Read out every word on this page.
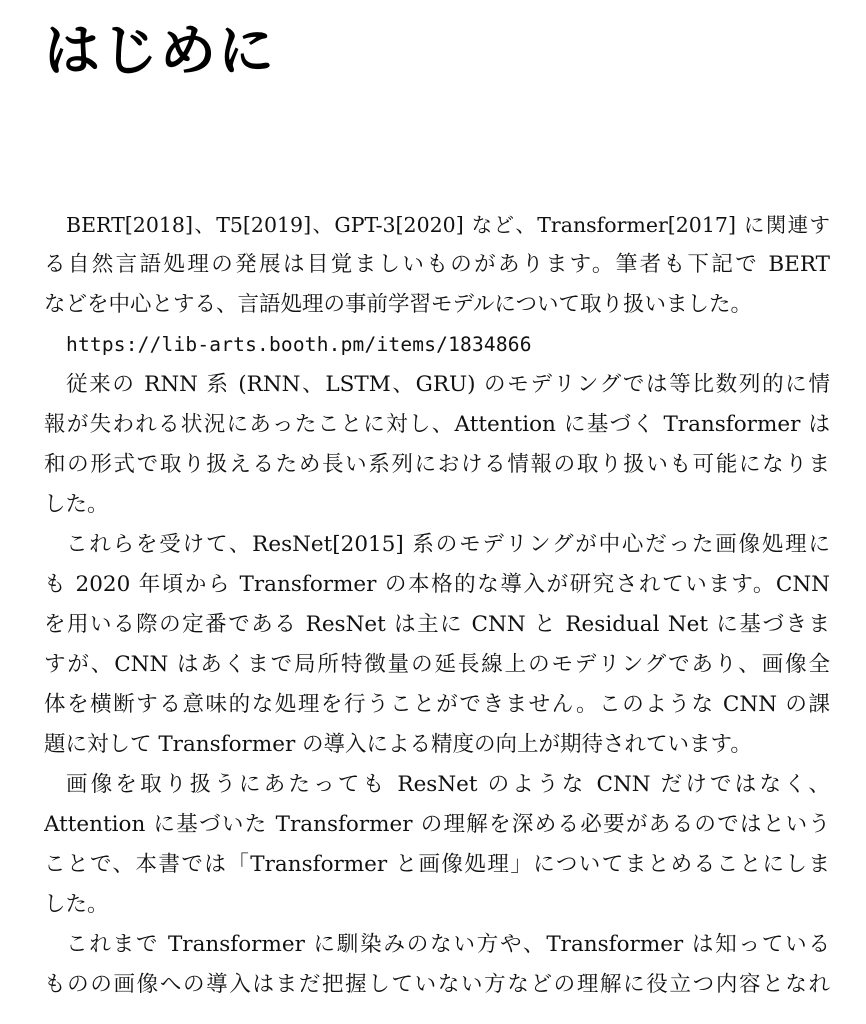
はじめに
BERT[2018]、T5[2019]、GPT-3[2020] など、Transformer[2017] に関連す
る自然言語処理の発展は目覚ましいものがあります。筆者も下記で BERT
などを中心とする、言語処理の事前学習モデルについて取り扱いました。
https://lib-arts.booth.pm/items/1834866
従来の RNN 系 (RNN、LSTM、GRU) のモデリングでは等比数列的に情
報が失われる状況にあったことに対し、Attention に基づく Transformer は
和の形式で取り扱えるため長い系列における情報の取り扱いも可能になりま
した。
これらを受けて、ResNet[2015] 系のモデリングが中心だった画像処理に
も 2020 年頃から Transformer の本格的な導入が研究されています。CNN
を用いる際の定番である ResNet は主に CNN と Residual Net に基づきま
すが、CNN はあくまで局所特徴量の延長線上のモデリングであり、画像全
体を横断する意味的な処理を行うことができません。このような CNN の課
題に対して Transformer の導入による精度の向上が期待されています。
画像を取り扱うにあたっても ResNet のような CNN だけではなく、
Attention に基づいた Transformer の理解を深める必要があるのではという
ことで、本書では「Transformer と画像処理」についてまとめることにしま
した。
これまで Transformer に馴染みのない方や、Transformer は知っている
ものの画像への導入はまだ把握していない方などの理解に役立つ内容となれ
